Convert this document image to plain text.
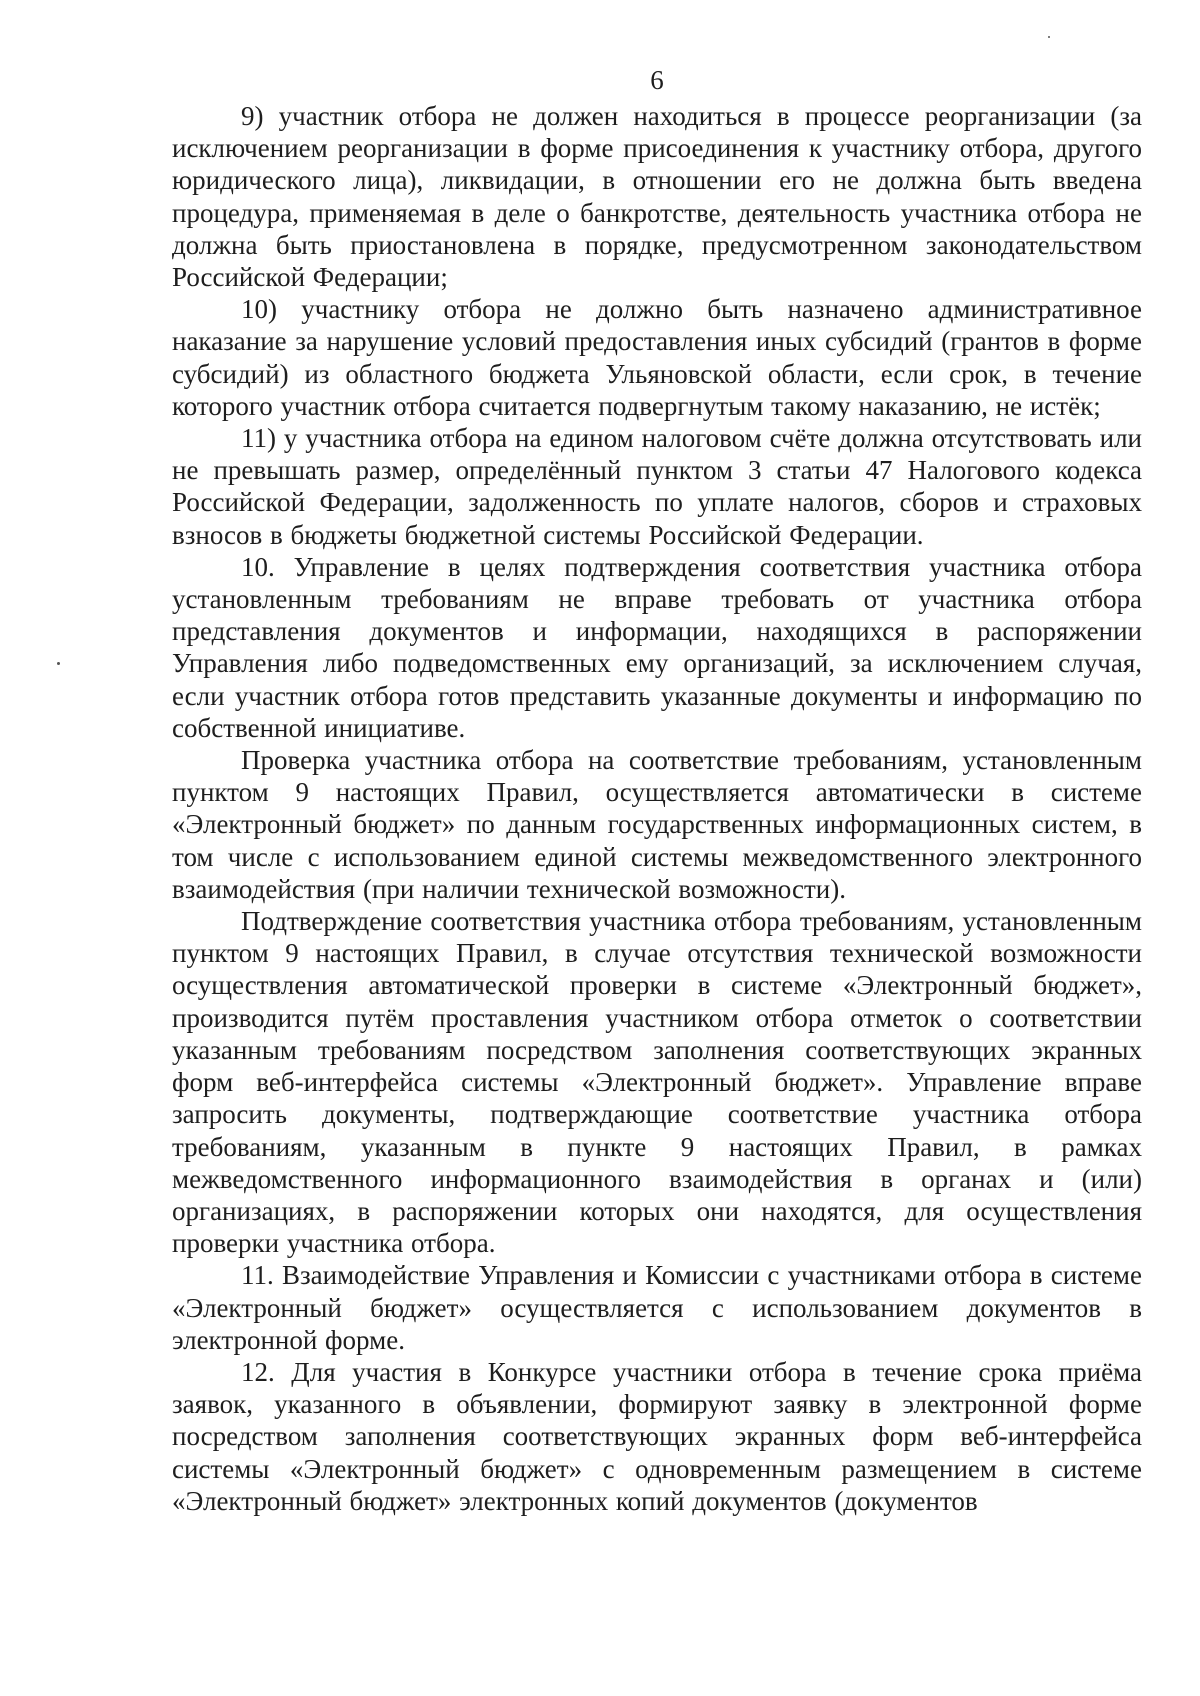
6

9) участник отбора не должен находиться в процессе реорганизации (за исключением реорганизации в форме присоединения к участнику отбора, другого юридического лица), ликвидации, в отношении его не должна быть введена процедура, применяемая в деле о банкротстве, деятельность участника отбора не должна быть приостановлена в порядке, предусмотренном законодательством Российской Федерации;

10) участнику отбора не должно быть назначено административное наказание за нарушение условий предоставления иных субсидий (грантов в форме субсидий) из областного бюджета Ульяновской области, если срок, в течение которого участник отбора считается подвергнутым такому наказанию, не истёк;

11) у участника отбора на едином налоговом счёте должна отсутствовать или не превышать размер, определённый пунктом 3 статьи 47 Налогового кодекса Российской Федерации, задолженность по уплате налогов, сборов и страховых взносов в бюджеты бюджетной системы Российской Федерации.

10. Управление в целях подтверждения соответствия участника отбора установленным требованиям не вправе требовать от участника отбора представления документов и информации, находящихся в распоряжении Управления либо подведомственных ему организаций, за исключением случая, если участник отбора готов представить указанные документы и информацию по собственной инициативе.

Проверка участника отбора на соответствие требованиям, установленным пунктом 9 настоящих Правил, осуществляется автоматически в системе «Электронный бюджет» по данным государственных информационных систем, в том числе с использованием единой системы межведомственного электронного взаимодействия (при наличии технической возможности).

Подтверждение соответствия участника отбора требованиям, установленным пунктом 9 настоящих Правил, в случае отсутствия технической возможности осуществления автоматической проверки в системе «Электронный бюджет», производится путём проставления участником отбора отметок о соответствии указанным требованиям посредством заполнения соответствующих экранных форм веб-интерфейса системы «Электронный бюджет». Управление вправе запросить документы, подтверждающие соответствие участника отбора требованиям, указанным в пункте 9 настоящих Правил, в рамках межведомственного информационного взаимодействия в органах и (или) организациях, в распоряжении которых они находятся, для осуществления проверки участника отбора.

11. Взаимодействие Управления и Комиссии с участниками отбора в системе «Электронный бюджет» осуществляется с использованием документов в электронной форме.

12. Для участия в Конкурсе участники отбора в течение срока приёма заявок, указанного в объявлении, формируют заявку в электронной форме посредством заполнения соответствующих экранных форм веб-интерфейса системы «Электронный бюджет» с одновременным размещением в системе «Электронный бюджет» электронных копий документов (документов
